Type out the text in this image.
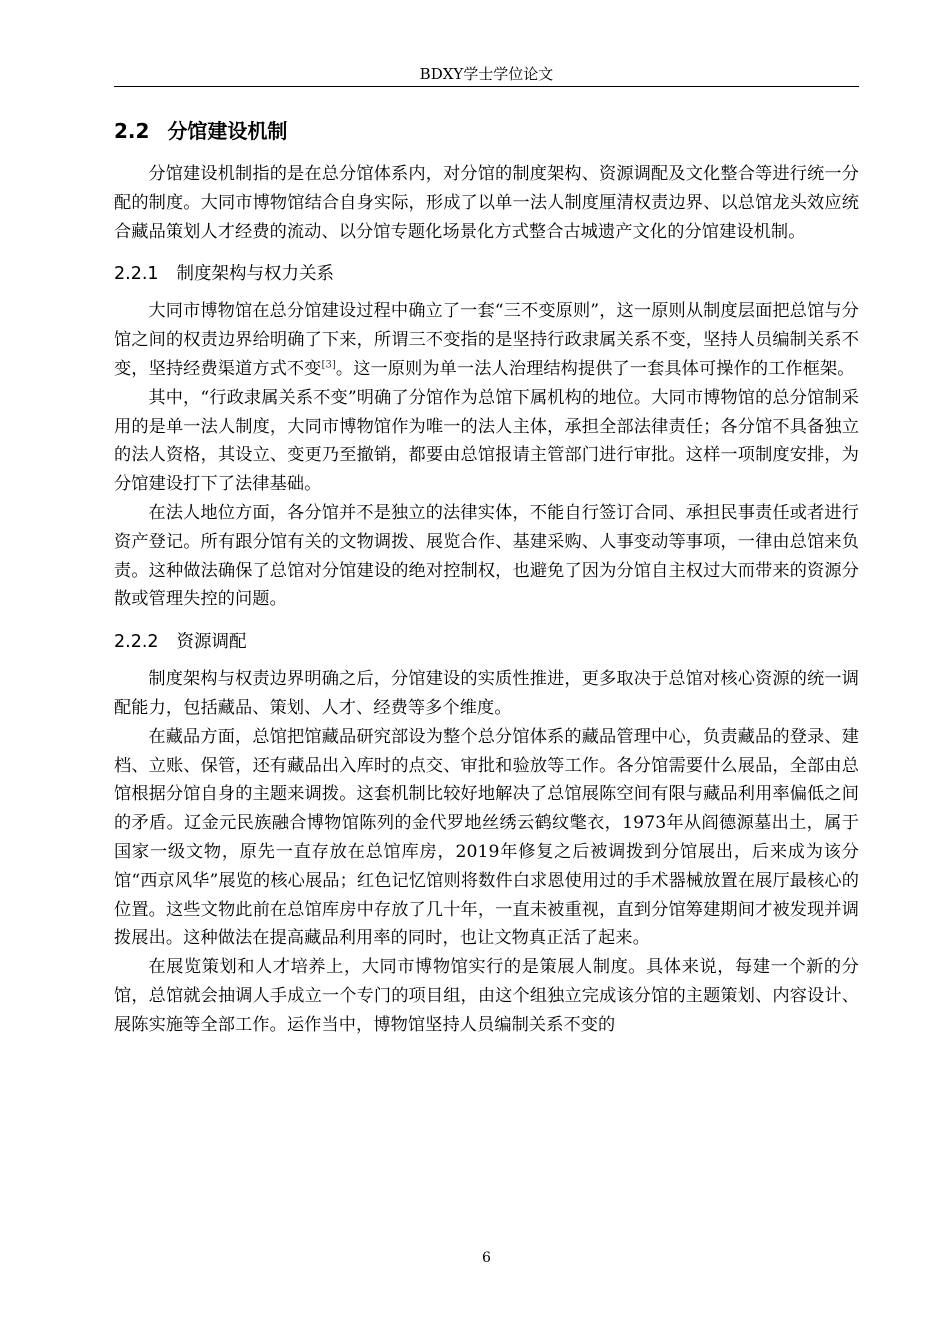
BDXY学士学位论文
2.2 分馆建设机制

分馆建设机制指的是在总分馆体系内，对分馆的制度架构、资源调配及文化整合等进行统一分配的制度。大同市博物馆结合自身实际，形成了以单一法人制度厘清权责边界、以总馆龙头效应统合藏品策划人才经费的流动、以分馆专题化场景化方式整合古城遗产文化的分馆建设机制。

2.2.1 制度架构与权力关系

大同市博物馆在总分馆建设过程中确立了一套“三不变原则”，这一原则从制度层面把总馆与分馆之间的权责边界给明确了下来，所谓三不变指的是坚持行政隶属关系不变，坚持人员编制关系不变，坚持经费渠道方式不变[3]。这一原则为单一法人治理结构提供了一套具体可操作的工作框架。

其中，“行政隶属关系不变”明确了分馆作为总馆下属机构的地位。大同市博物馆的总分馆制采用的是单一法人制度，大同市博物馆作为唯一的法人主体，承担全部法律责任；各分馆不具备独立的法人资格，其设立、变更乃至撤销，都要由总馆报请主管部门进行审批。这样一项制度安排，为分馆建设打下了法律基础。

在法人地位方面，各分馆并不是独立的法律实体，不能自行签订合同、承担民事责任或者进行资产登记。所有跟分馆有关的文物调拨、展览合作、基建采购、人事变动等事项，一律由总馆来负责。这种做法确保了总馆对分馆建设的绝对控制权，也避免了因为分馆自主权过大而带来的资源分散或管理失控的问题。

2.2.2 资源调配

制度架构与权责边界明确之后，分馆建设的实质性推进，更多取决于总馆对核心资源的统一调配能力，包括藏品、策划、人才、经费等多个维度。

在藏品方面，总馆把馆藏品研究部设为整个总分馆体系的藏品管理中心，负责藏品的登录、建档、立账、保管，还有藏品出入库时的点交、审批和验放等工作。各分馆需要什么展品，全部由总馆根据分馆自身的主题来调拨。这套机制比较好地解决了总馆展陈空间有限与藏品利用率偏低之间的矛盾。辽金元民族融合博物馆陈列的金代罗地丝绣云鹤纹氅衣，1973年从阎德源墓出土，属于国家一级文物，原先一直存放在总馆库房，2019年修复之后被调拨到分馆展出，后来成为该分馆“西京风华”展览的核心展品；红色记忆馆则将数件白求恩使用过的手术器械放置在展厅最核心的位置。这些文物此前在总馆库房中存放了几十年，一直未被重视，直到分馆筹建期间才被发现并调拨展出。这种做法在提高藏品利用率的同时，也让文物真正活了起来。

在展览策划和人才培养上，大同市博物馆实行的是策展人制度。具体来说，每建一个新的分馆，总馆就会抽调人手成立一个专门的项目组，由这个组独立完成该分馆的主题策划、内容设计、展陈实施等全部工作。运作当中，博物馆坚持人员编制关系不变的

6
